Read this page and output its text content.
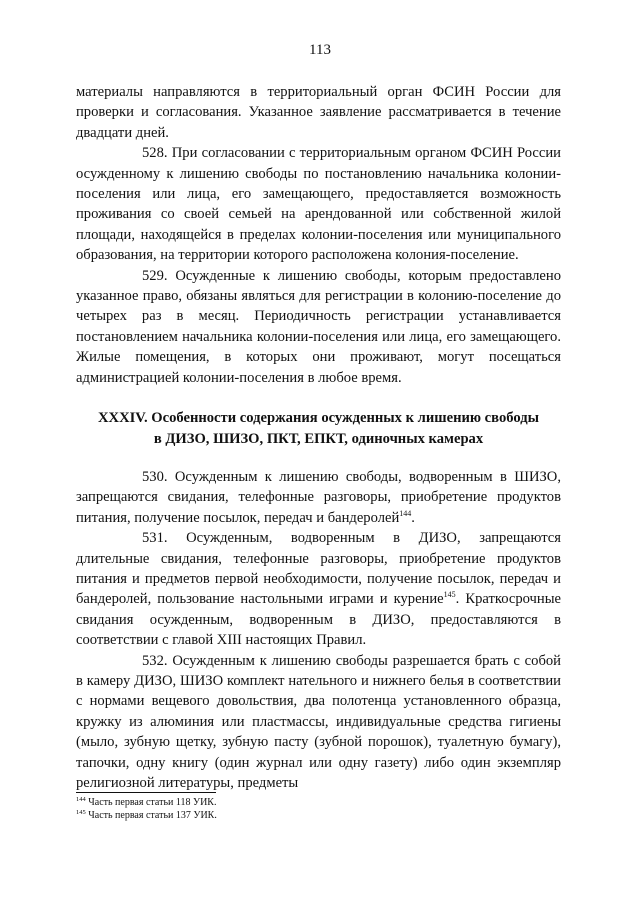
113

материалы направляются в территориальный орган ФСИН России для проверки и согласования. Указанное заявление рассматривается в течение двадцати дней.

528. При согласовании с территориальным органом ФСИН России осужденному к лишению свободы по постановлению начальника колонии-поселения или лица, его замещающего, предоставляется возможность проживания со своей семьей на арендованной или собственной жилой площади, находящейся в пределах колонии-поселения или муниципального образования, на территории которого расположена колония-поселение.

529. Осужденные к лишению свободы, которым предоставлено указанное право, обязаны являться для регистрации в колонию-поселение до четырех раз в месяц. Периодичность регистрации устанавливается постановлением начальника колонии-поселения или лица, его замещающего. Жилые помещения, в которых они проживают, могут посещаться администрацией колонии-поселения в любое время.

XXXIV. Особенности содержания осужденных к лишению свободы
в ДИЗО, ШИЗО, ПКТ, ЕПКТ, одиночных камерах

530. Осужденным к лишению свободы, водворенным в ШИЗО, запрещаются свидания, телефонные разговоры, приобретение продуктов питания, получение посылок, передач и бандеролей$^{144}$.

531. Осужденным, водворенным в ДИЗО, запрещаются длительные свидания, телефонные разговоры, приобретение продуктов питания и предметов первой необходимости, получение посылок, передач и бандеролей, пользование настольными играми и курение$^{145}$. Краткосрочные свидания осужденным, водворенным в ДИЗО, предоставляются в соответствии с главой XIII настоящих Правил.

532. Осужденным к лишению свободы разрешается брать с собой в камеру ДИЗО, ШИЗО комплект нательного и нижнего белья в соответствии с нормами вещевого довольствия, два полотенца установленного образца, кружку из алюминия или пластмассы, индивидуальные средства гигиены (мыло, зубную щетку, зубную пасту (зубной порошок), туалетную бумагу), тапочки, одну книгу (один журнал или одну газету) либо один экземпляр религиозной литературы, предметы

$^{144}$ Часть первая статьи 118 УИК.
$^{145}$ Часть первая статьи 137 УИК.
